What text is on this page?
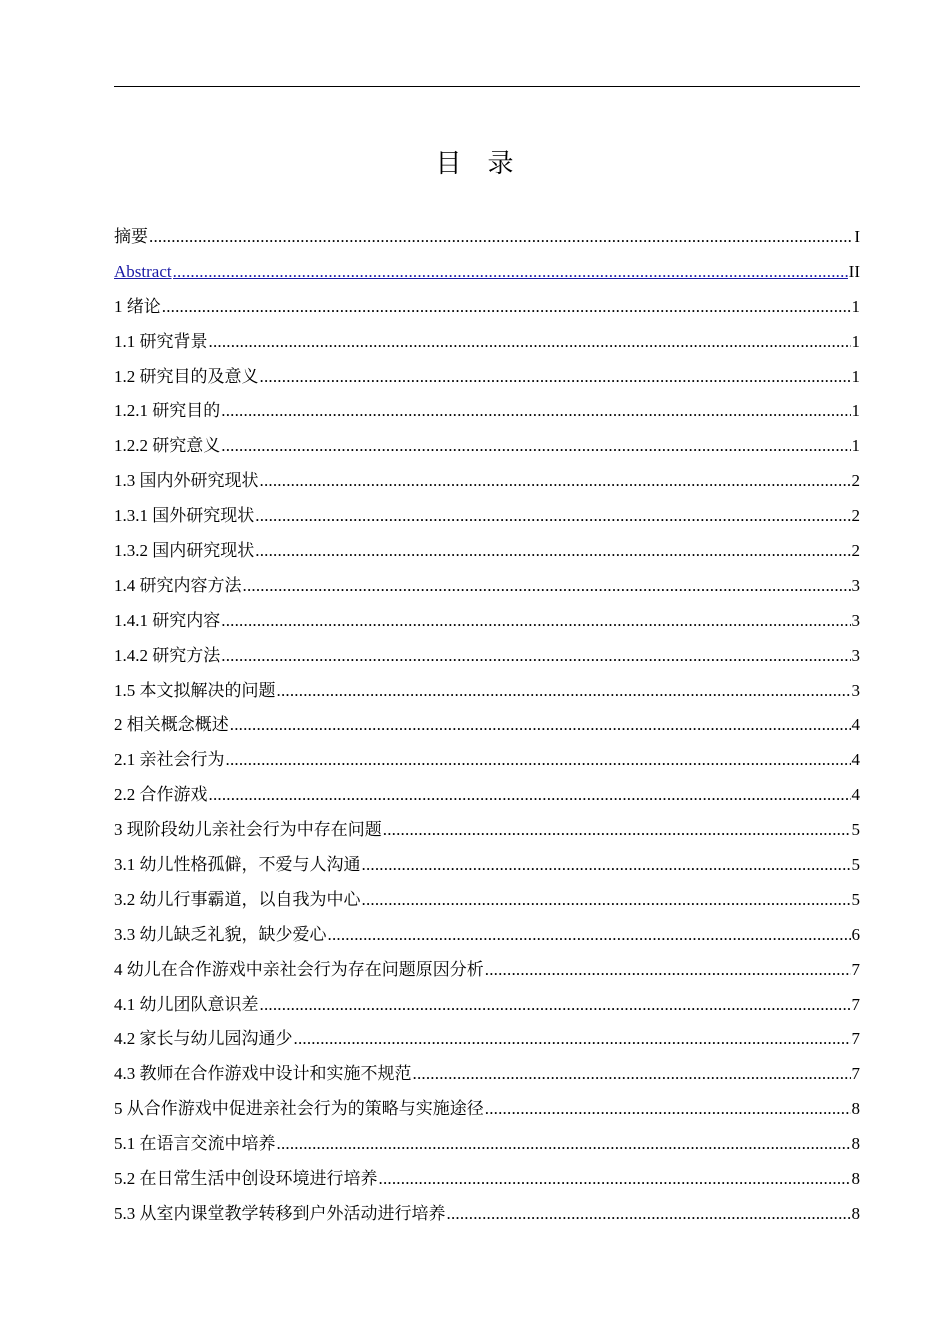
目录
摘要 .....	I
Abstract .....	II
1 绪论 .....	1
1.1 研究背景 .....	1
1.2 研究目的及意义 .....	1
1.2.1 研究目的 .....	1
1.2.2 研究意义 .....	1
1.3 国内外研究现状 .....	2
1.3.1 国外研究现状 .....	2
1.3.2 国内研究现状 .....	2
1.4 研究内容方法 .....	3
1.4.1 研究内容 .....	3
1.4.2 研究方法 .....	3
1.5 本文拟解决的问题 .....	3
2 相关概念概述 .....	4
2.1 亲社会行为 .....	4
2.2 合作游戏 .....	4
3 现阶段幼儿亲社会行为中存在问题 .....	5
3.1 幼儿性格孤僻，不爱与人沟通 .....	5
3.2 幼儿行事霸道，以自我为中心 .....	5
3.3 幼儿缺乏礼貌，缺少爱心 .....	6
4 幼儿在合作游戏中亲社会行为存在问题原因分析 .....	7
4.1 幼儿团队意识差 .....	7
4.2 家长与幼儿园沟通少 .....	7
4.3 教师在合作游戏中设计和实施不规范 .....	7
5 从合作游戏中促进亲社会行为的策略与实施途径 .....	8
5.1 在语言交流中培养 .....	8
5.2 在日常生活中创设环境进行培养 .....	8
5.3 从室内课堂教学转移到户外活动进行培养 .....	8
